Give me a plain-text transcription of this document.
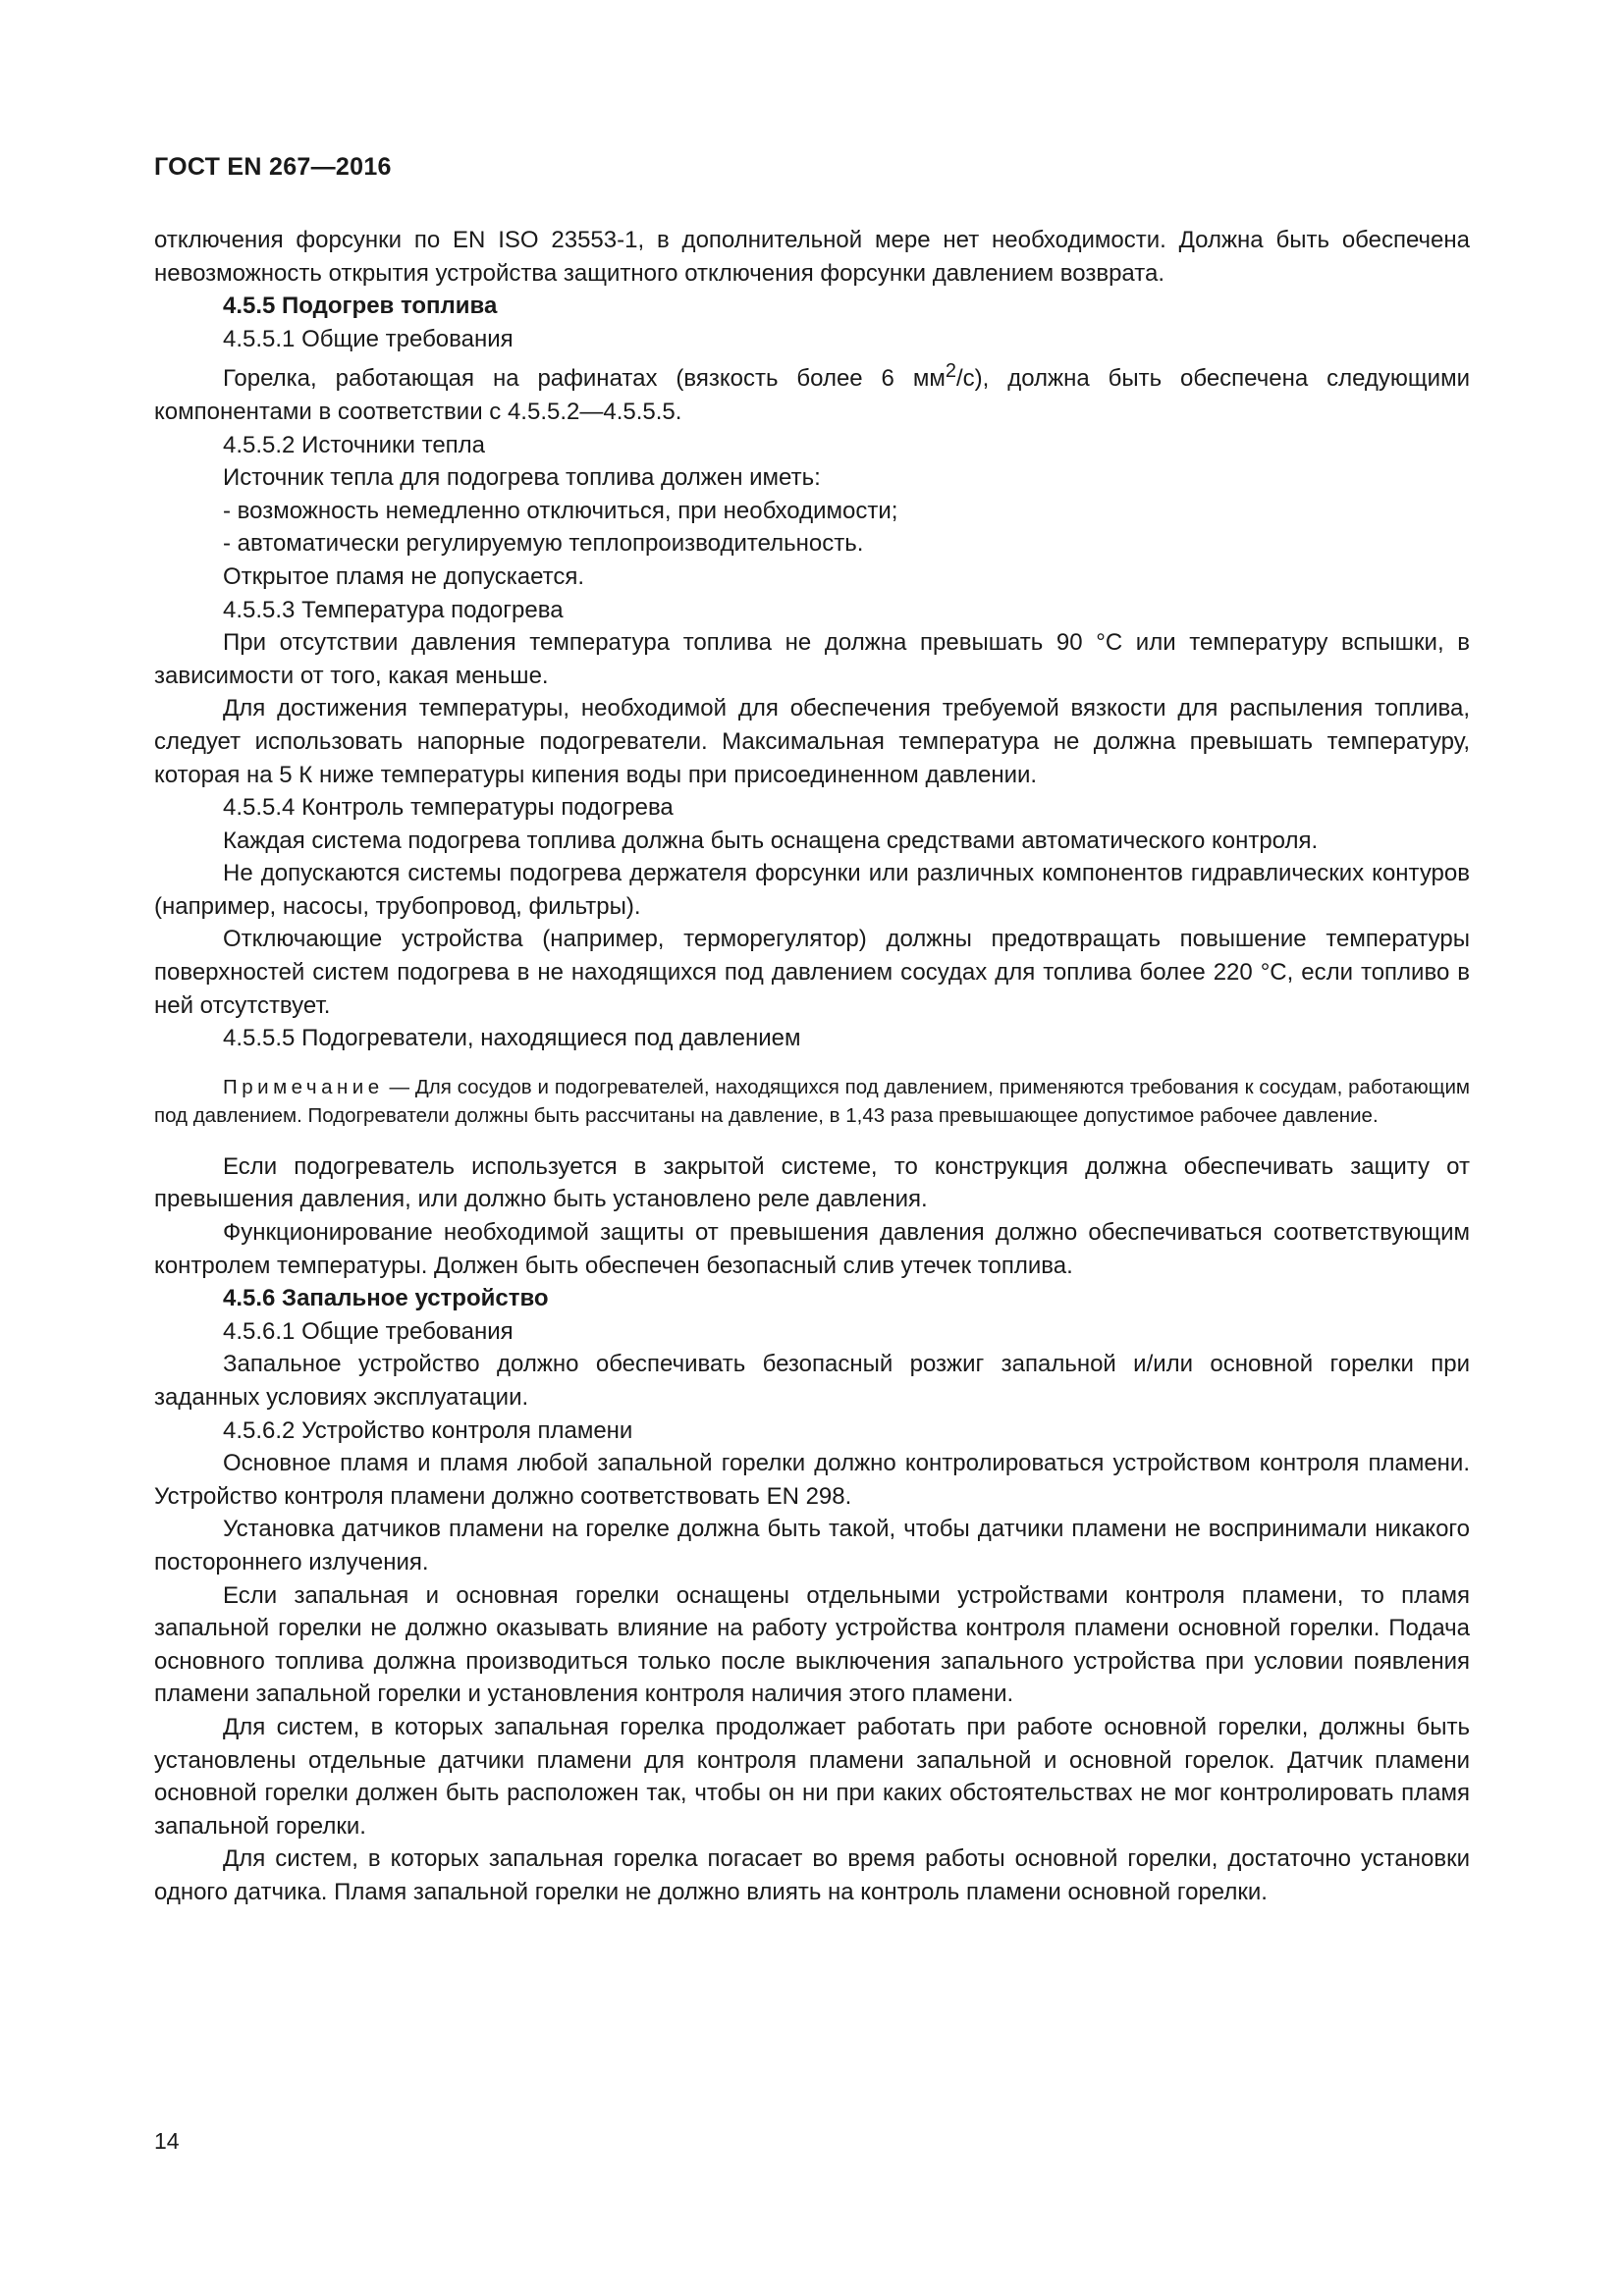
ГОСТ EN 267—2016

отключения форсунки по EN ISO 23553-1, в дополнительной мере нет необходимости. Должна быть обеспечена невозможность открытия устройства защитного отключения форсунки давлением возврата.

4.5.5 Подогрев топлива

4.5.5.1 Общие требования

Горелка, работающая на рафинатах (вязкость более 6 $мм^2/с$), должна быть обеспечена следующими компонентами в соответствии с 4.5.5.2—4.5.5.5.

4.5.5.2 Источники тепла

Источник тепла для подогрева топлива должен иметь:

- возможность немедленно отключиться, при необходимости;

- автоматически регулируемую теплопроизводительность.

Открытое пламя не допускается.

4.5.5.3 Температура подогрева

При отсутствии давления температура топлива не должна превышать 90 °С или температуру вспышки, в зависимости от того, какая меньше.

Для достижения температуры, необходимой для обеспечения требуемой вязкости для распыления топлива, следует использовать напорные подогреватели. Максимальная температура не должна превышать температуру, которая на 5 К ниже температуры кипения воды при присоединенном давлении.

4.5.5.4 Контроль температуры подогрева

Каждая система подогрева топлива должна быть оснащена средствами автоматического контроля.

Не допускаются системы подогрева держателя форсунки или различных компонентов гидравлических контуров (например, насосы, трубопровод, фильтры).

Отключающие устройства (например, терморегулятор) должны предотвращать повышение температуры поверхностей систем подогрева в не находящихся под давлением сосудах для топлива более 220 °С, если топливо в ней отсутствует.

4.5.5.5 Подогреватели, находящиеся под давлением

Примечание — Для сосудов и подогревателей, находящихся под давлением, применяются требования к сосудам, работающим под давлением. Подогреватели должны быть рассчитаны на давление, в 1,43 раза превышающее допустимое рабочее давление.

Если подогреватель используется в закрытой системе, то конструкция должна обеспечивать защиту от превышения давления, или должно быть установлено реле давления.

Функционирование необходимой защиты от превышения давления должно обеспечиваться соответствующим контролем температуры. Должен быть обеспечен безопасный слив утечек топлива.

4.5.6 Запальное устройство

4.5.6.1 Общие требования

Запальное устройство должно обеспечивать безопасный розжиг запальной и/или основной горелки при заданных условиях эксплуатации.

4.5.6.2 Устройство контроля пламени

Основное пламя и пламя любой запальной горелки должно контролироваться устройством контроля пламени. Устройство контроля пламени должно соответствовать EN 298.

Установка датчиков пламени на горелке должна быть такой, чтобы датчики пламени не воспринимали никакого постороннего излучения.

Если запальная и основная горелки оснащены отдельными устройствами контроля пламени, то пламя запальной горелки не должно оказывать влияние на работу устройства контроля пламени основной горелки. Подача основного топлива должна производиться только после выключения запального устройства при условии появления пламени запальной горелки и установления контроля наличия этого пламени.

Для систем, в которых запальная горелка продолжает работать при работе основной горелки, должны быть установлены отдельные датчики пламени для контроля пламени запальной и основной горелок. Датчик пламени основной горелки должен быть расположен так, чтобы он ни при каких обстоятельствах не мог контролировать пламя запальной горелки.

Для систем, в которых запальная горелка погасает во время работы основной горелки, достаточно установки одного датчика. Пламя запальной горелки не должно влиять на контроль пламени основной горелки.

14
